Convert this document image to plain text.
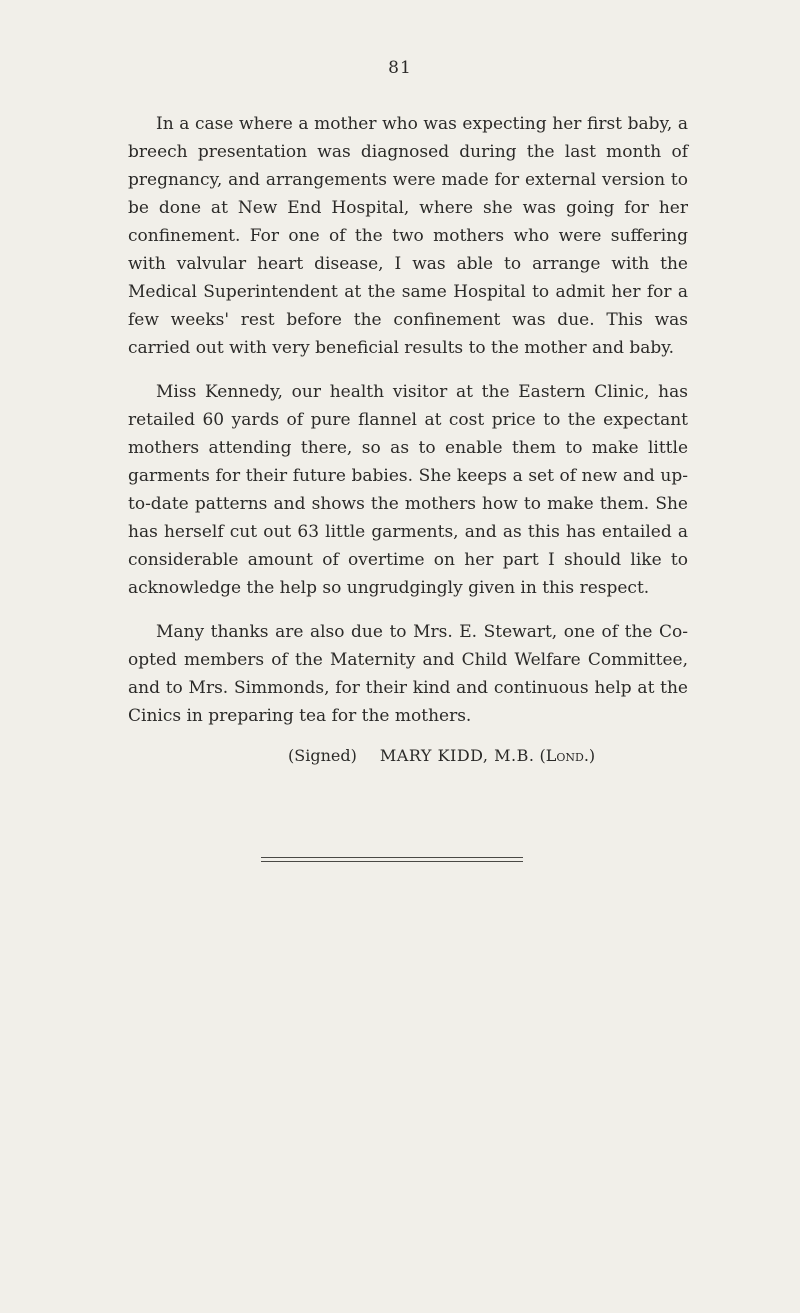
81

In a case where a mother who was expecting her first baby, a breech presentation was diagnosed during the last month of pregnancy, and arrangements were made for external version to be done at New End Hospital, where she was going for her confinement. For one of the two mothers who were suffering with valvular heart disease, I was able to arrange with the Medical Superintendent at the same Hospital to admit her for a few weeks' rest before the confinement was due. This was carried out with very beneficial results to the mother and baby.

Miss Kennedy, our health visitor at the Eastern Clinic, has retailed 60 yards of pure flannel at cost price to the expectant mothers attending there, so as to enable them to make little garments for their future babies. She keeps a set of new and up-to-date patterns and shows the mothers how to make them. She has herself cut out 63 little garments, and as this has entailed a considerable amount of overtime on her part I should like to acknowledge the help so ungrudgingly given in this respect.

Many thanks are also due to Mrs. E. Stewart, one of the Co-opted members of the Maternity and Child Welfare Committee, and to Mrs. Simmonds, for their kind and continuous help at the Cinics in preparing tea for the mothers.

(Signed) MARY KIDD, M.B. (Lond.)
